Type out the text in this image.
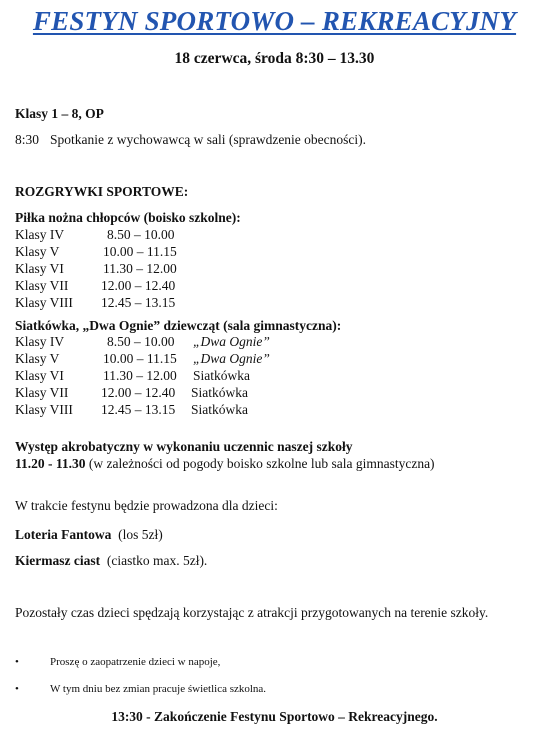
FESTYN SPORTOWO – REKREACYJNY
18 czerwca, środa 8:30 – 13.30
Klasy 1 – 8, OP
8:30 Spotkanie z wychowawcą w sali (sprawdzenie obecności).
ROZGRYWKI SPORTOWE:
Piłka nożna chłopców (boisko szkolne):
Klasy IV	8.50 – 10.00
Klasy V	10.00 – 11.15
Klasy VI	11.30 – 12.00
Klasy VII	12.00 – 12.40
Klasy VIII	12.45 – 13.15
Siatkówka, „Dwa Ognie” dziewcząt (sala gimnastyczna):
Klasy IV	8.50 – 10.00	„Dwa Ognie”
Klasy V	10.00 – 11.15	„Dwa Ognie”
Klasy VI	11.30 – 12.00	Siatkówka
Klasy VII	12.00 – 12.40	Siatkówka
Klasy VIII	12.45 – 13.15	Siatkówka
Występ akrobatyczny w wykonaniu uczennic naszej szkoły
11.20 - 11.30 (w zależności od pogody boisko szkolne lub sala gimnastyczna)
W trakcie festynu będzie prowadzona dla dzieci:
Loteria Fantowa (los 5zł)
Kiermasz ciast (ciastko max. 5zł).
Pozostały czas dzieci spędzają korzystając z atrakcji przygotowanych na terenie szkoły.
•	Proszę o zaopatrzenie dzieci w napoje,
•	W tym dniu bez zmian pracuje świetlica szkolna.
13:30 - Zakończenie Festynu Sportowo – Rekreacyjnego.
